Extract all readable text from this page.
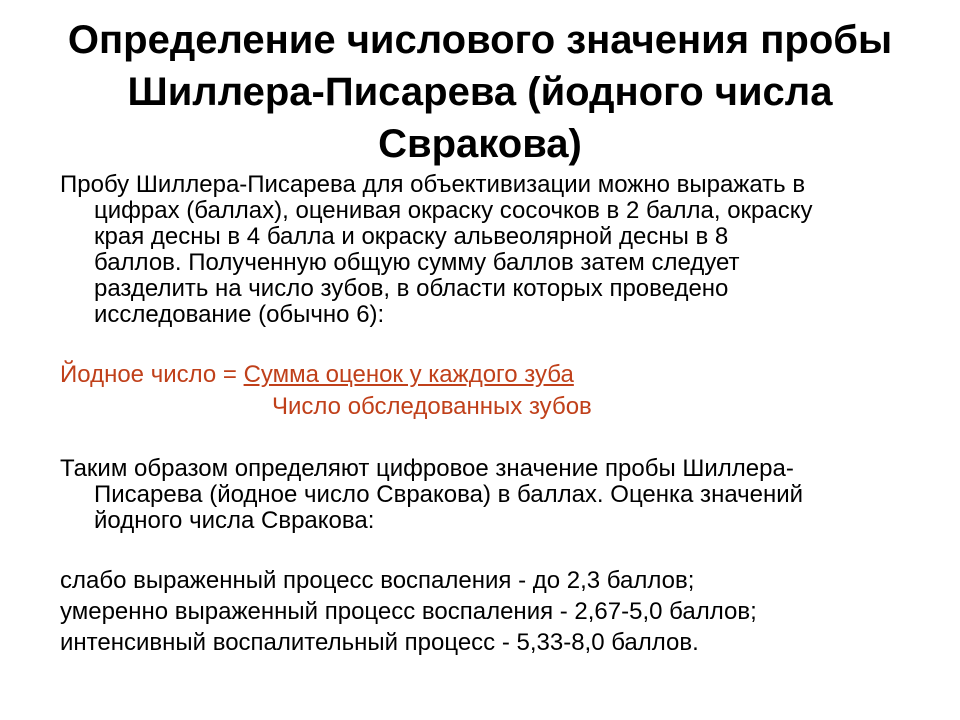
Определение числового значения пробы
Шиллера-Писарева (йодного числа
Свракова)

Пробу Шиллера-Писарева для объективизации можно выражать в
цифрах (баллах), оценивая окраску сосочков в 2 балла, окраску
края десны в 4 балла и окраску альвеолярной десны в 8
баллов. Полученную общую сумму баллов затем следует
разделить на число зубов, в области которых проведено
исследование (обычно 6):

Йодное число = Сумма оценок у каждого зуба
Число обследованных зубов

Таким образом определяют цифровое значение пробы Шиллера-
Писарева (йодное число Свракова) в баллах. Оценка значений
йодного числа Свракова:

слабо выраженный процесс воспаления - до 2,3 баллов;
умеренно выраженный процесс воспаления - 2,67-5,0 баллов;
интенсивный воспалительный процесс - 5,33-8,0 баллов.
